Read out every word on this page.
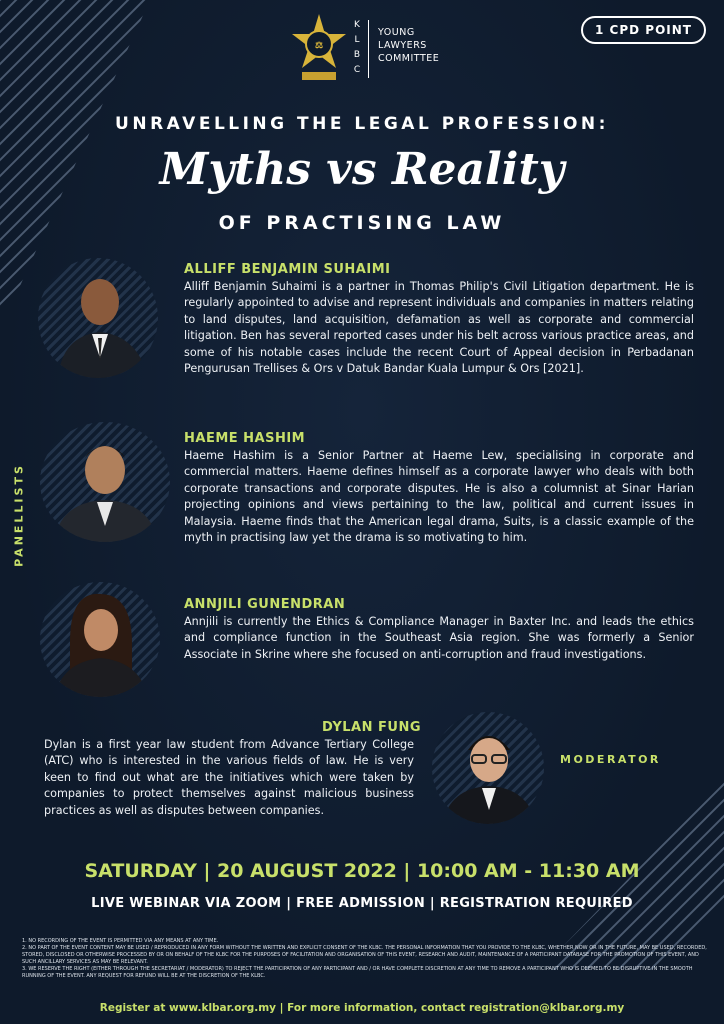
1 CPD POINT
⚖
K
L
B
C
YOUNG
LAWYERS
COMMITTEE
UNRAVELLING THE LEGAL PROFESSION:
Myths vs Reality
OF PRACTISING LAW
PANELLISTS
ALLIFF BENJAMIN SUHAIMI
Alliff Benjamin Suhaimi is a partner in Thomas Philip's Civil Litigation department. He is regularly appointed to advise and represent individuals and companies in matters relating to land disputes, land acquisition, defamation as well as corporate and commercial litigation. Ben has several reported cases under his belt across various practice areas, and some of his notable cases include the recent Court of Appeal decision in Perbadanan Pengurusan Trellises & Ors v Datuk Bandar Kuala Lumpur & Ors [2021].
HAEME HASHIM
Haeme Hashim is a Senior Partner at Haeme Lew, specialising in corporate and commercial matters. Haeme defines himself as a corporate lawyer who deals with both corporate transactions and corporate disputes. He is also a columnist at Sinar Harian projecting opinions and views pertaining to the law, political and current issues in Malaysia. Haeme finds that the American legal drama, Suits, is a classic example of the myth in practising law yet the drama is so motivating to him.
ANNJILI GUNENDRAN
Annjili is currently the Ethics & Compliance Manager in Baxter Inc. and leads the ethics and compliance function in the Southeast Asia region. She was formerly a Senior Associate in Skrine where she focused on anti-corruption and fraud investigations.
DYLAN FUNG
Dylan is a first year law student from Advance Tertiary College (ATC) who is interested in the various fields of law. He is very keen to find out what are the initiatives which were taken by companies to protect themselves against malicious business practices as well as disputes between companies.
MODERATOR
SATURDAY | 20 AUGUST 2022 | 10:00 AM - 11:30 AM
LIVE WEBINAR VIA ZOOM | FREE ADMISSION | REGISTRATION REQUIRED
1. NO RECORDING OF THE EVENT IS PERMITTED VIA ANY MEANS AT ANY TIME.
2. NO PART OF THE EVENT CONTENT MAY BE USED / REPRODUCED IN ANY FORM WITHOUT THE WRITTEN AND EXPLICIT CONSENT OF THE KLBC. THE PERSONAL INFORMATION THAT YOU PROVIDE TO THE KLBC, WHETHER NOW OR IN THE FUTURE, MAY BE USED, RECORDED, STORED, DISCLOSED OR OTHERWISE PROCESSED BY OR ON BEHALF OF THE KLBC FOR THE PURPOSES OF FACILITATION AND ORGANISATION OF THIS EVENT, RESEARCH AND AUDIT, MAINTENANCE OF A PARTICIPANT DATABASE FOR THE PROMOTION OF THIS EVENT, AND SUCH ANCILLARY SERVICES AS MAY BE RELEVANT.
3. WE RESERVE THE RIGHT (EITHER THROUGH THE SECRETARIAT / MODERATOR) TO REJECT THE PARTICIPATION OF ANY PARTICIPANT AND / OR HAVE COMPLETE DISCRETION AT ANY TIME TO REMOVE A PARTICIPANT WHO IS DEEMED TO BE DISRUPTIVE IN THE SMOOTH RUNNING OF THE EVENT. ANY REQUEST FOR REFUND WILL BE AT THE DISCRETION OF THE KLBC.
Register at www.klbar.org.my | For more information, contact registration@klbar.org.my
